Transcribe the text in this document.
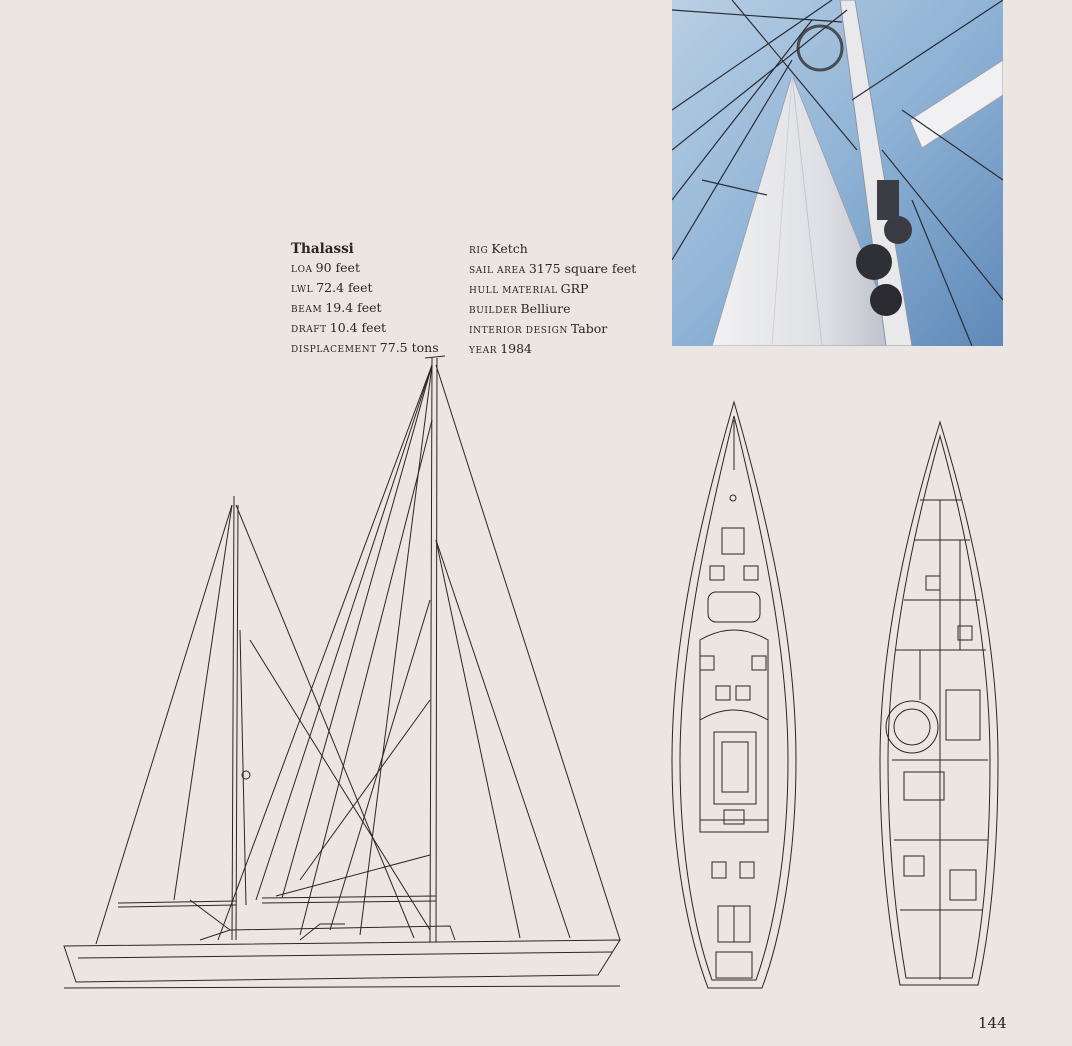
Thalassi
LOA 90 feet
LWL 72.4 feet
BEAM 19.4 feet
DRAFT 10.4 feet
DISPLACEMENT 77.5 tons
RIG Ketch
SAIL AREA 3175 square feet
HULL MATERIAL GRP
BUILDER Belliure
INTERIOR DESIGN Tabor
YEAR 1984
144
